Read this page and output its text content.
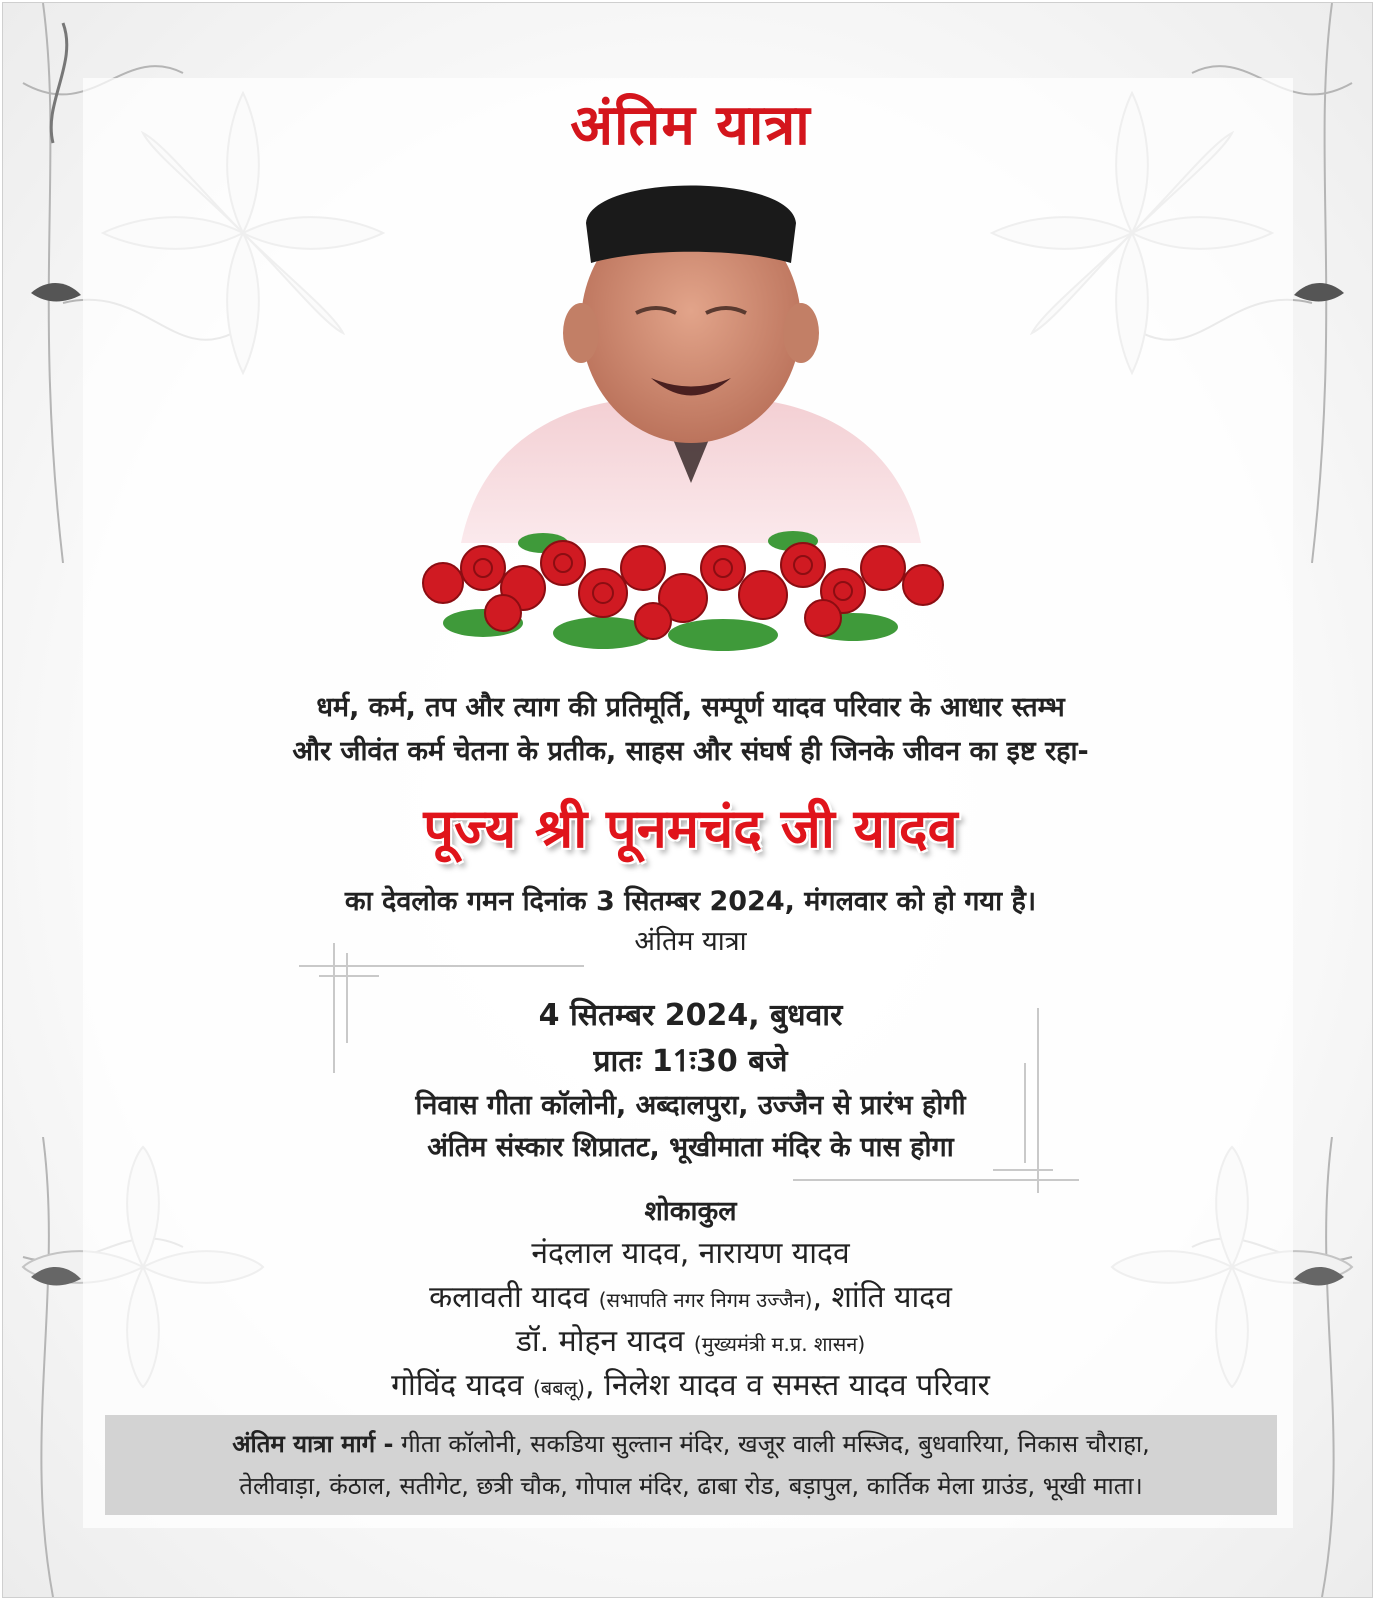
अंतिम यात्रा
धर्म, कर्म, तप और त्याग की प्रतिमूर्ति, सम्पूर्ण यादव परिवार के आधार स्तम्भ
और जीवंत कर्म चेतना के प्रतीक, साहस और संघर्ष ही जिनके जीवन का इष्ट रहा-
पूज्य श्री पूनमचंद जी यादव
का देवलोक गमन दिनांक 3 सितम्बर 2024, मंगलवार को हो गया है।
अंतिम यात्रा
4 सितम्बर 2024, बुधवार
प्रातः 11ः30 बजे
निवास गीता कॉलोनी, अब्दालपुरा, उज्जैन से प्रारंभ होगी
अंतिम संस्कार शिप्रातट, भूखीमाता मंदिर के पास होगा
शोकाकुल
नंदलाल यादव, नारायण यादव
कलावती यादव (सभापति नगर निगम उज्जैन), शांति यादव
डॉ. मोहन यादव (मुख्यमंत्री म.प्र. शासन)
गोविंद यादव (बबलू), निलेश यादव व समस्त यादव परिवार
अंतिम यात्रा मार्ग - गीता कॉलोनी, सकडिया सुल्तान मंदिर, खजूर वाली मस्जिद, बुधवारिया, निकास चौराहा,
तेलीवाड़ा, कंठाल, सतीगेट, छत्री चौक, गोपाल मंदिर, ढाबा रोड, बड़ापुल, कार्तिक मेला ग्राउंड, भूखी माता।
